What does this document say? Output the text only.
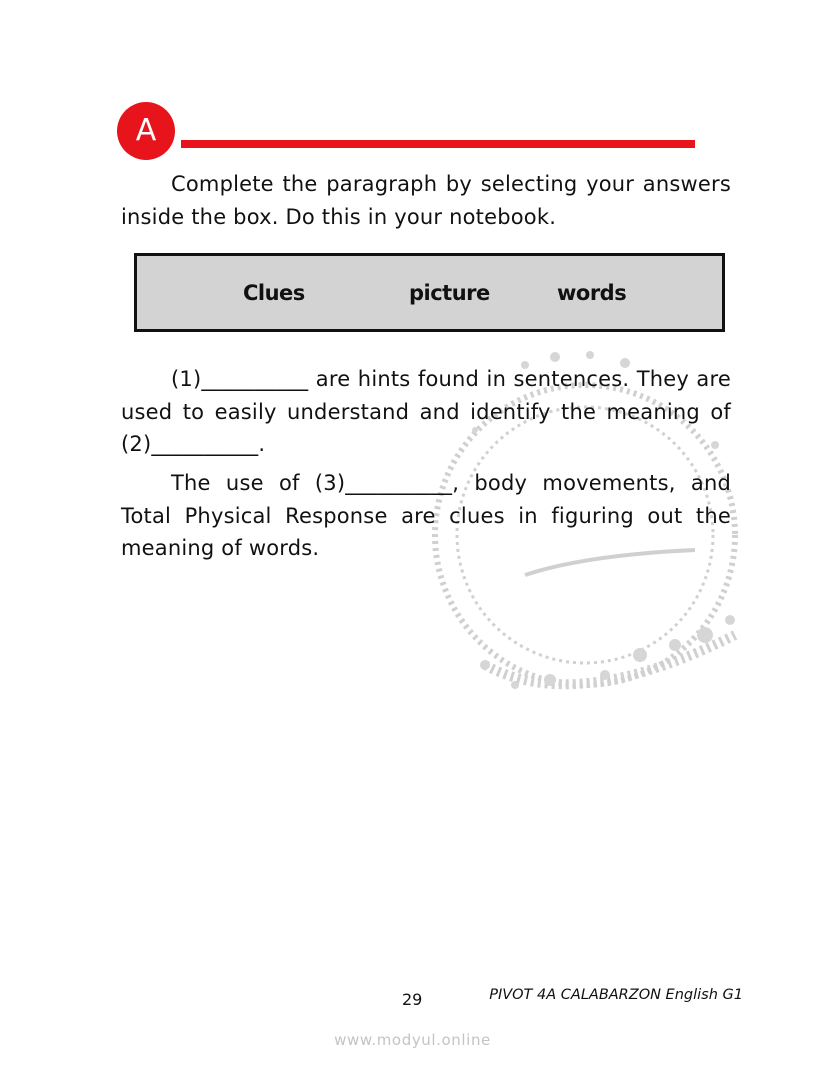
A

Complete the paragraph by selecting your answers inside the box. Do this in your notebook.

Clues	picture	words

(1)__________ are hints found in sentences. They are used to easily understand and identify the meaning of (2)__________.

The use of (3)__________, body movements, and Total Physical Response are clues in figuring out the meaning of words.

29	PIVOT 4A CALABARZON English G1
www.modyul.online
